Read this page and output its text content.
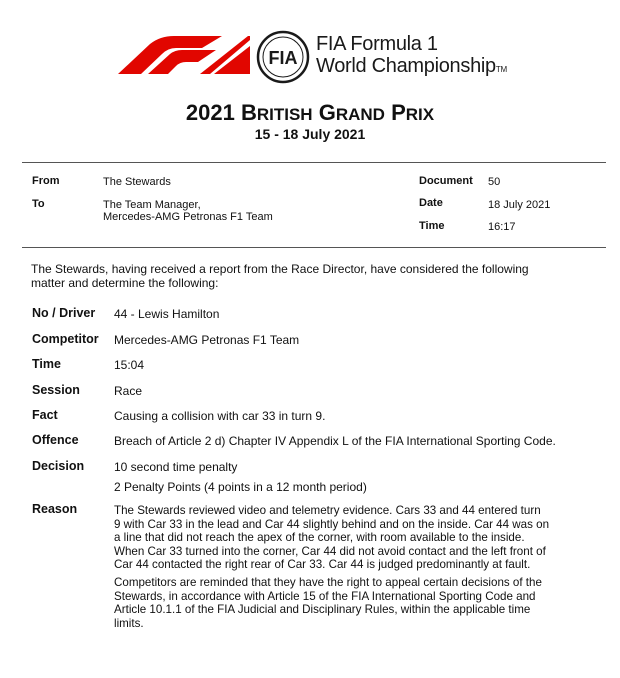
FIA
FIA Formula 1
World ChampionshipTM
2021 BRITISH GRAND PRIX
15 - 18 July 2021
From	The Stewards
To	The Team Manager,
Mercedes-AMG Petronas F1 Team
Document 50
Date	18 July 2021
Time	16:17
The Stewards, having received a report from the Race Director, have considered the following
matter and determine the following:
No / Driver 44 - Lewis Hamilton
Competitor Mercedes-AMG Petronas F1 Team
Time	15:04
Session	Race
Fact	Causing a collision with car 33 in turn 9.
Offence	Breach of Article 2 d) Chapter IV Appendix L of the FIA International Sporting Code.
Decision 10 second time penalty
2 Penalty Points (4 points in a 12 month period)
Reason	The Stewards reviewed video and telemetry evidence. Cars 33 and 44 entered turn
9 with Car 33 in the lead and Car 44 slightly behind and on the inside. Car 44 was on
a line that did not reach the apex of the corner, with room available to the inside.
When Car 33 turned into the corner, Car 44 did not avoid contact and the left front of
Car 44 contacted the right rear of Car 33. Car 44 is judged predominantly at fault.
Competitors are reminded that they have the right to appeal certain decisions of the
Stewards, in accordance with Article 15 of the FIA International Sporting Code and
Article 10.1.1 of the FIA Judicial and Disciplinary Rules, within the applicable time
limits.
